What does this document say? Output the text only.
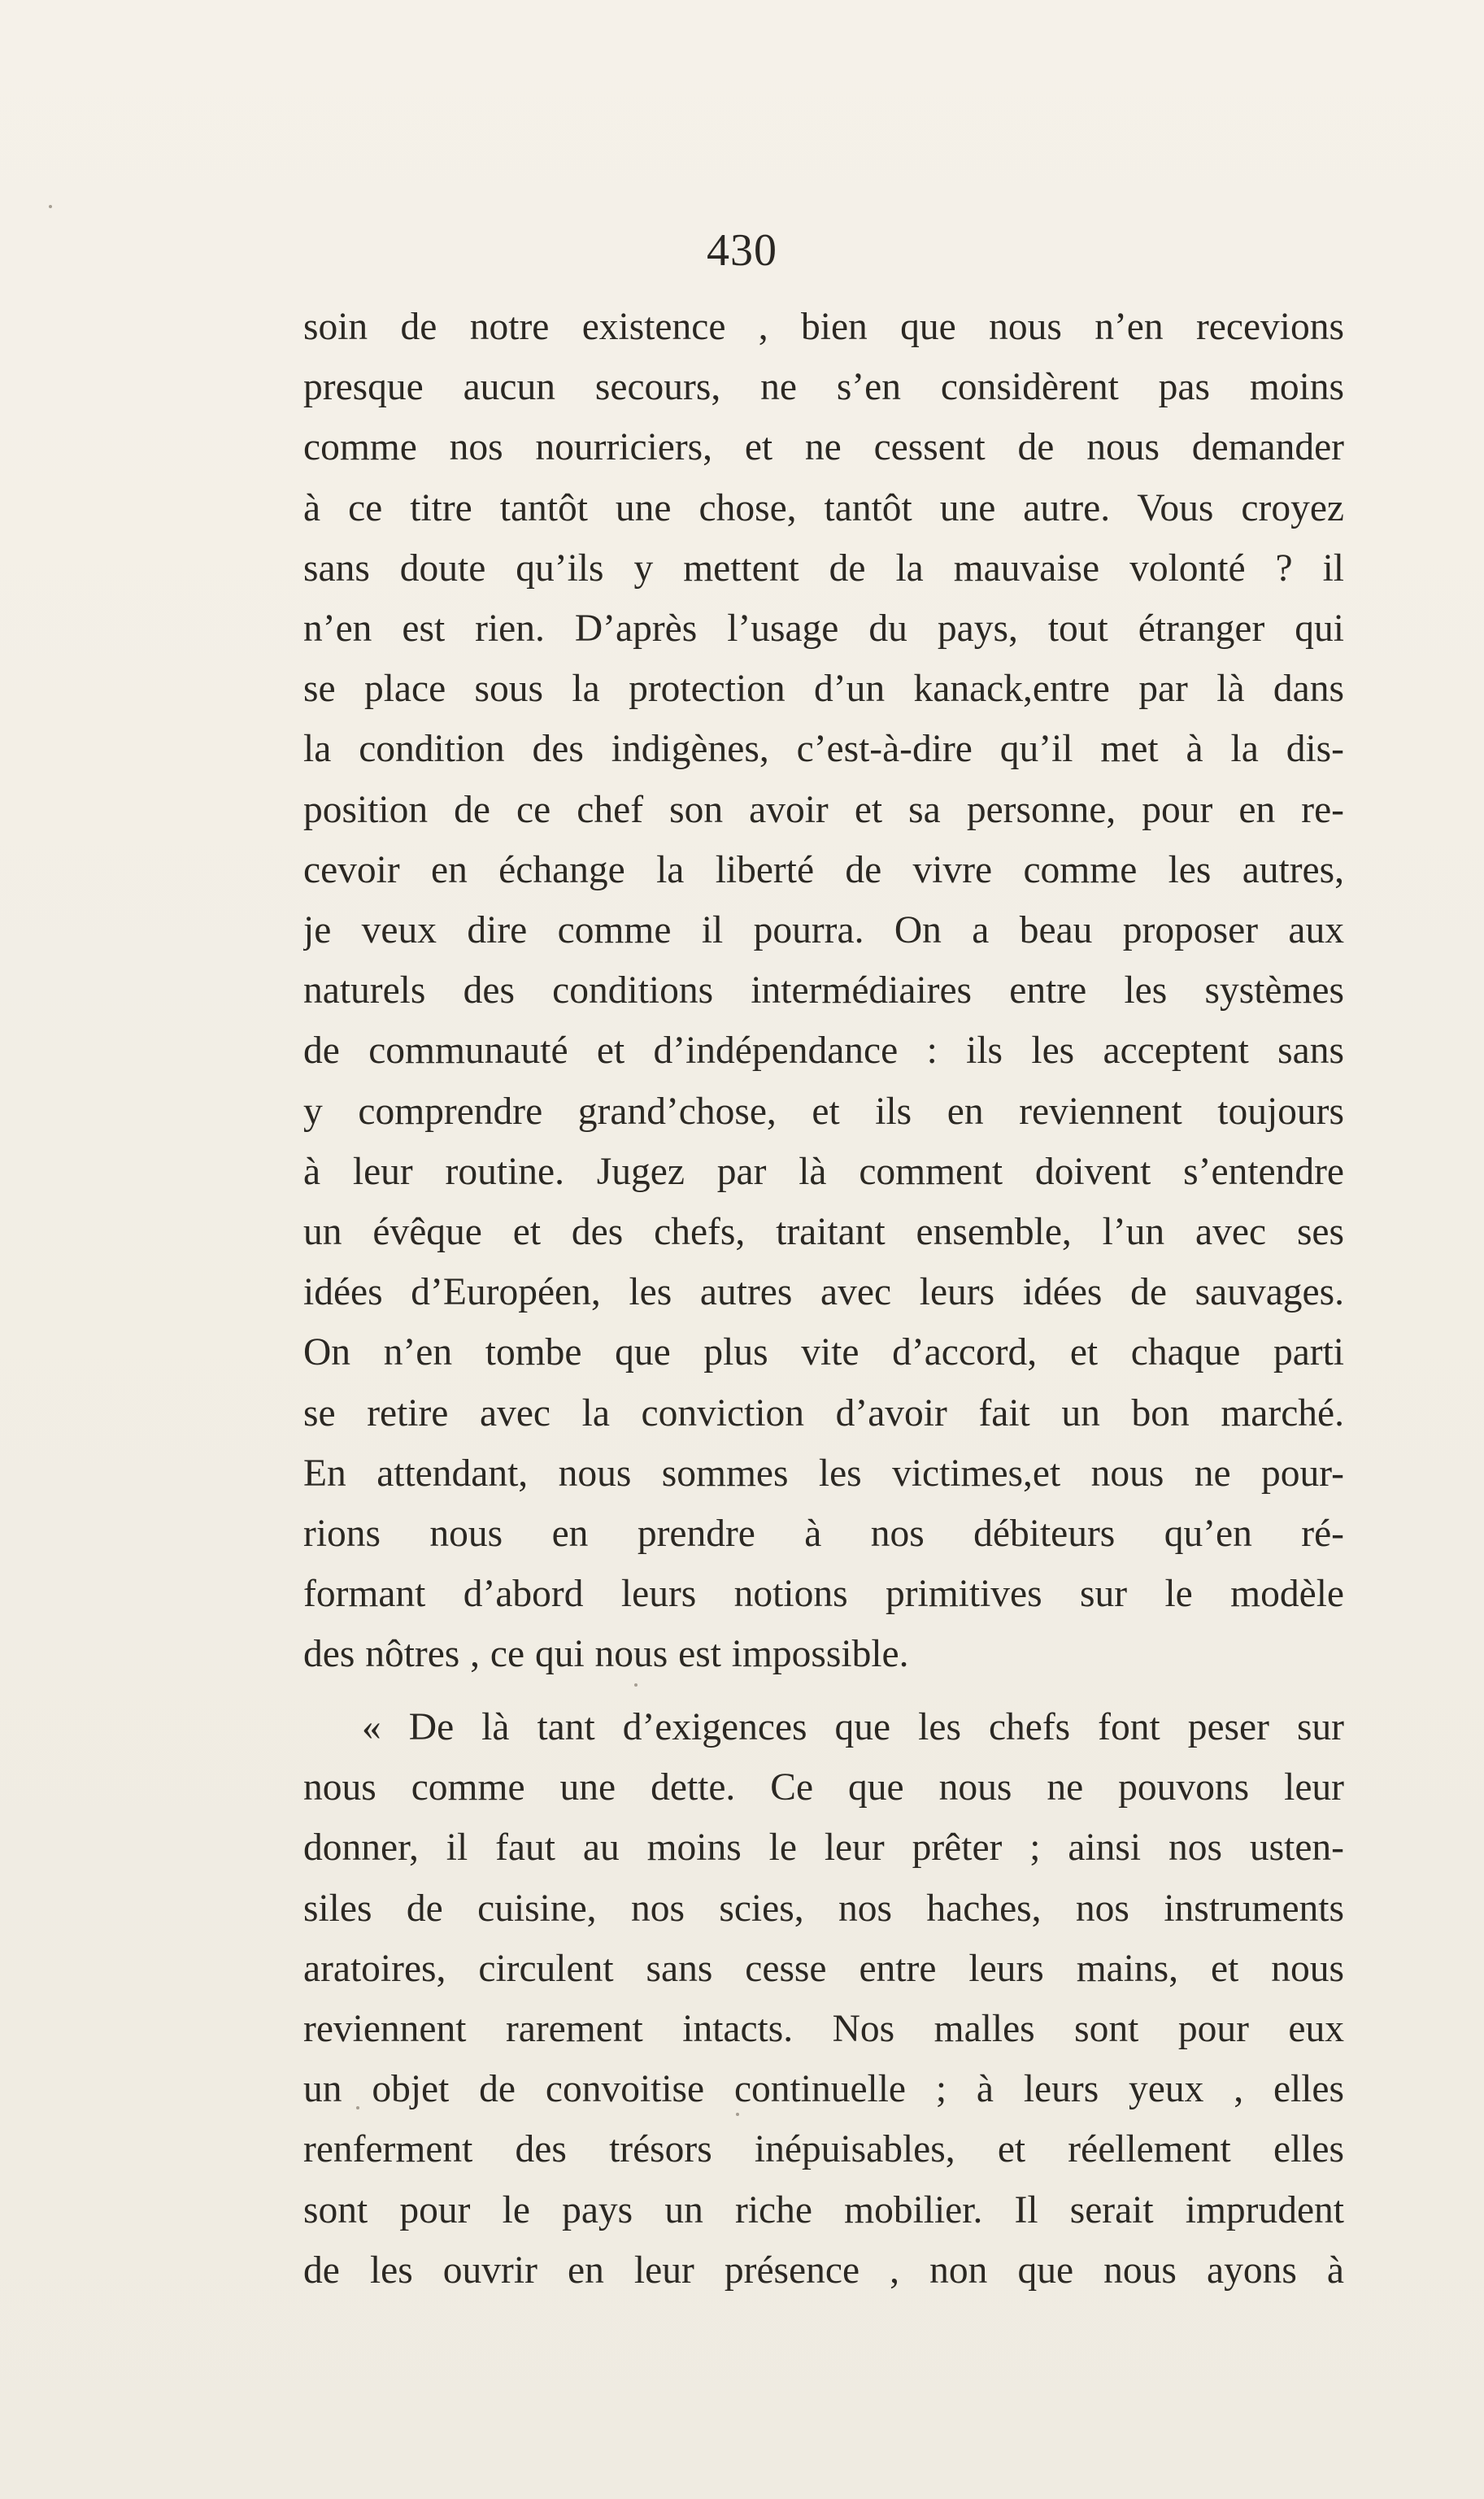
430
soin de notre existence , bien que nous n’en recevions
presque aucun secours, ne s’en considèrent pas moins
comme nos nourriciers, et ne cessent de nous demander
à ce titre tantôt une chose, tantôt une autre. Vous croyez
sans doute qu’ils y mettent de la mauvaise volonté ? il
n’en est rien. D’après l’usage du pays, tout étranger qui
se place sous la protection d’un kanack,entre par là dans
la condition des indigènes, c’est-à-dire qu’il met à la dis-
position de ce chef son avoir et sa personne, pour en re-
cevoir en échange la liberté de vivre comme les autres,
je veux dire comme il pourra. On a beau proposer aux
naturels des conditions intermédiaires entre les systèmes
de communauté et d’indépendance : ils les acceptent sans
y comprendre grand’chose, et ils en reviennent toujours
à leur routine. Jugez par là comment doivent s’entendre
un évêque et des chefs, traitant ensemble, l’un avec ses
idées d’Européen, les autres avec leurs idées de sauvages.
On n’en tombe que plus vite d’accord, et chaque parti
se retire avec la conviction d’avoir fait un bon marché.
En attendant, nous sommes les victimes,et nous ne pour-
rions nous en prendre à nos débiteurs qu’en ré-
formant d’abord leurs notions primitives sur le modèle
des nôtres , ce qui nous est impossible.
« De là tant d’exigences que les chefs font peser sur
nous comme une dette. Ce que nous ne pouvons leur
donner, il faut au moins le leur prêter ; ainsi nos usten-
siles de cuisine, nos scies, nos haches, nos instruments
aratoires, circulent sans cesse entre leurs mains, et nous
reviennent rarement intacts. Nos malles sont pour eux
un objet de convoitise continuelle ; à leurs yeux , elles
renferment des trésors inépuisables, et réellement elles
sont pour le pays un riche mobilier. Il serait imprudent
de les ouvrir en leur présence , non que nous ayons à
